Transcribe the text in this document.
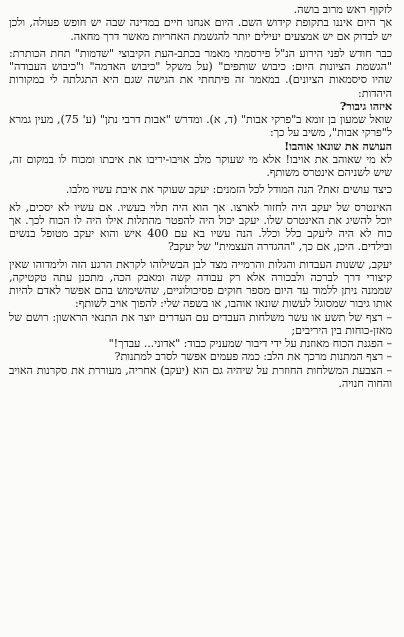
לזקוף ראש מרוב בושה.

אך היום איננו בתקופת קידוש השם. היום אנחנו חיים במדינה שבה יש חופש פעולה, ולכן יש לבדוק אם יש אמצעים יעילים יותר להגשמת האחריות מאשר דרך מחאה.

כבר חודש לפני הירוע הנ"ל פירסמתי מאמר בכתב-העת הקיבוצי "שדמות" תחת הכותרת: "הגשמת הציונות היום: כיבוש שותפים" (על משקל "כיבוש האדמה" ו"כיבוש העבודה" שהיו סיסמאות הציונים). במאמר זה פיתחתי את הגישה שגם היא התגלתה לי במקורות היהדות:

איזהו גיבור?

שואל שמעון בן זומא ב"פרקי אבות" (ד, א). ומדרש "אבות דרבי נתן" (ע' 75), מעין גמרא ל"פרקי אבות", משיב על כך:

העושה את שונאו אוהבו!

לא מי שאוהב את אויבו! אלא מי שעוקר מלב אויבו-יריבו את איבתו ומכוח לו במקום זה, שיש לשניהם אינטרס משותף.

כיצד עושים זאת? הנה המודל לכל הזמנים: יעקב שעוקר את איבת עשיו מלבו.

האינטרס של יעקב היה לחזור לארצו. אך הוא היה תלוי בעשיו. אם עשיו לא יסכים, לא יוכל להשיג את האינטרס שלו. יעקב יכול היה להפטר מהתלות אילו היה לו הכוח לכך. אך כוח לא היה ליעקב כלל וכלל. הנה עשיו בא עם 400 איש והוא יעקב מטופל בנשים ובילדים. היכן, אם כך, "ההגדרה העצמית" של יעקב?

יעקב, ששנות העבדות והגלות והרמייה מצד לבן הבשילוהו לקראת הרגע הזה ולימדוהו שאין קיצורי דרך לברכה ולבכורה אלא רק עבודה קשה ומאבק הכה, מתכנן עתה טקטיקה, שממנה ניתן ללמוד עד היום מספר חוקים פסיכולוגיים, שהשימוש בהם אפשר לאדם להיות אותו גיבור שמסוגל לעשות שונאו אוהבו, או בשפה שלי: להפוך אויב לשותף:

– רצף של תשע או עשר משלחות העבדים עם העדרים יוצר את התנאי הראשון: רושם של מאזן-כוחות בין היריבים;

– הפגנת הכוח מאוזנת על ידי דיבור שמעניק כבוד: "אדוני... עבדך!"

– רצף המתנות מרכך את הלב: כמה פעמים אפשר לסרב למתנות?

– הצבעת המשלחות החוזרת על שיהיה גם הוא (יעקב) אחריה, מעוררת את סקרנות האויב והחוה חנויה.
